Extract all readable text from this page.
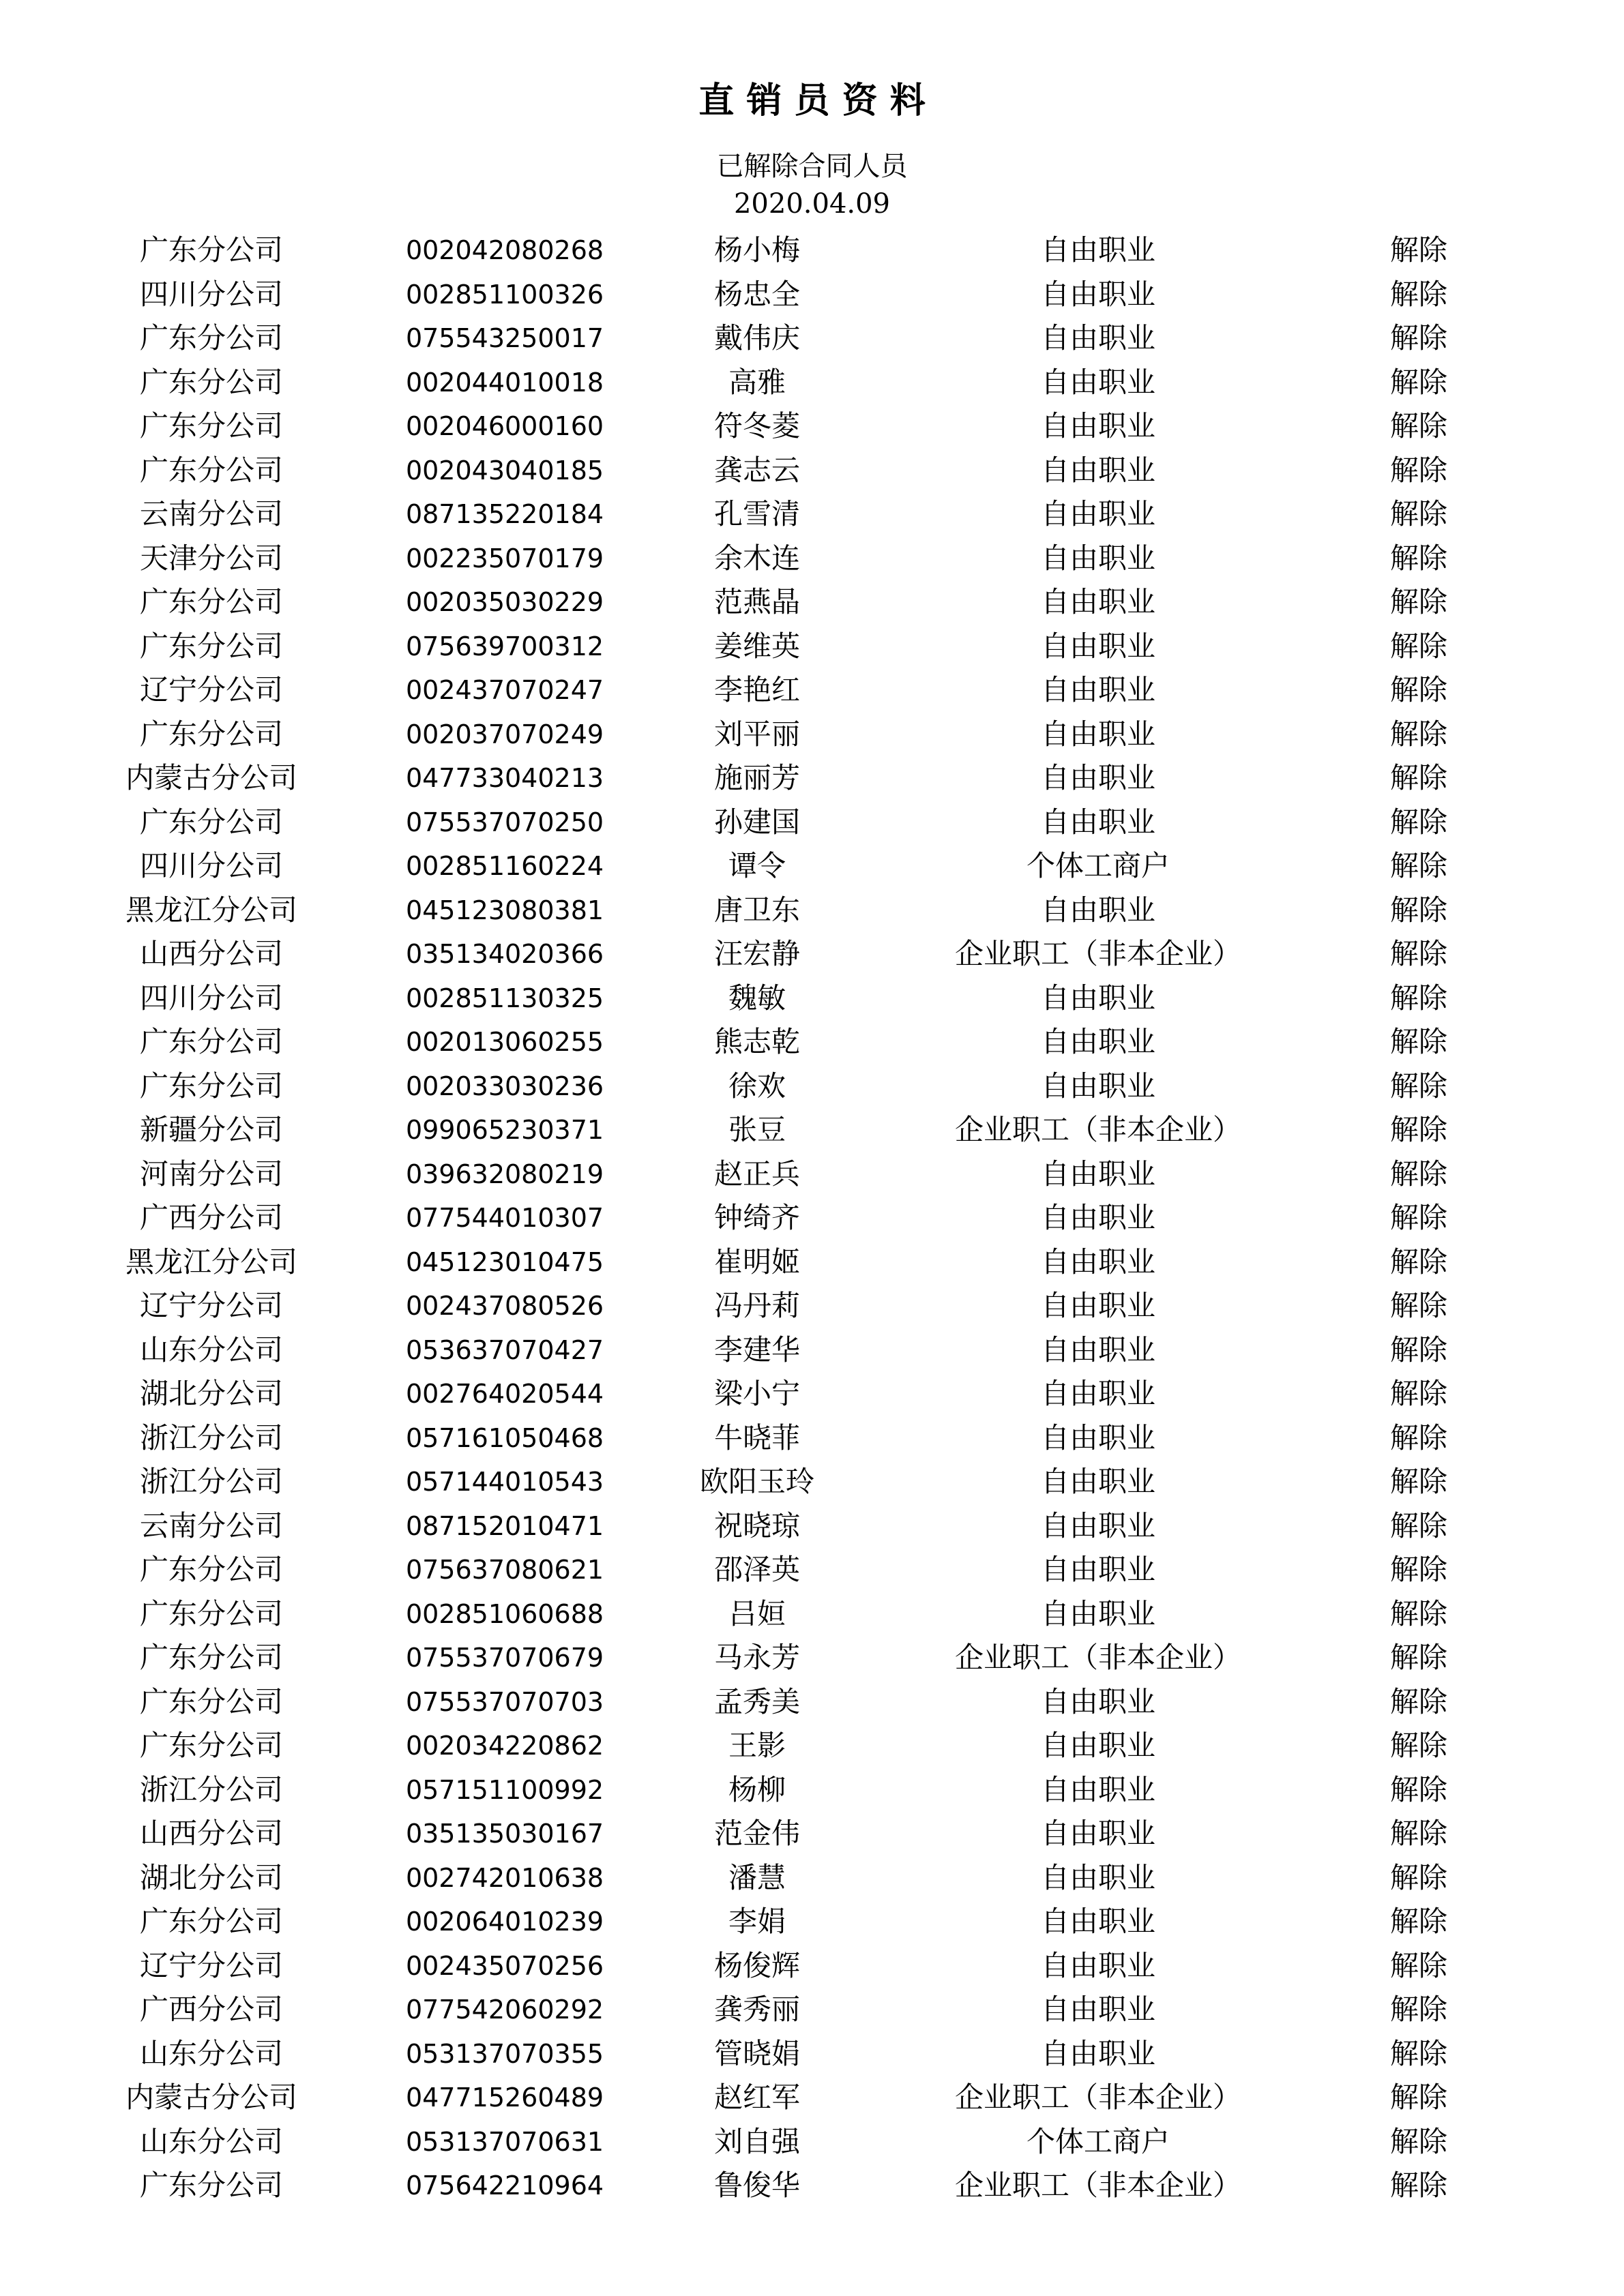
直 销 员 资 料
已解除合同人员
2020.04.09
广东分公司	002042080268	杨小梅	自由职业	解除
四川分公司	002851100326	杨忠全	自由职业	解除
广东分公司	075543250017	戴伟庆	自由职业	解除
广东分公司	002044010018	高雅	自由职业	解除
广东分公司	002046000160	符冬菱	自由职业	解除
广东分公司	002043040185	龚志云	自由职业	解除
云南分公司	087135220184	孔雪清	自由职业	解除
天津分公司	002235070179	余木连	自由职业	解除
广东分公司	002035030229	范燕晶	自由职业	解除
广东分公司	075639700312	姜维英	自由职业	解除
辽宁分公司	002437070247	李艳红	自由职业	解除
广东分公司	002037070249	刘平丽	自由职业	解除
内蒙古分公司	047733040213	施丽芳	自由职业	解除
广东分公司	075537070250	孙建国	自由职业	解除
四川分公司	002851160224	谭令	个体工商户	解除
黑龙江分公司	045123080381	唐卫东	自由职业	解除
山西分公司	035134020366	汪宏静	企业职工（非本企业）	解除
四川分公司	002851130325	魏敏	自由职业	解除
广东分公司	002013060255	熊志乾	自由职业	解除
广东分公司	002033030236	徐欢	自由职业	解除
新疆分公司	099065230371	张豆	企业职工（非本企业）	解除
河南分公司	039632080219	赵正兵	自由职业	解除
广西分公司	077544010307	钟绮齐	自由职业	解除
黑龙江分公司	045123010475	崔明姬	自由职业	解除
辽宁分公司	002437080526	冯丹莉	自由职业	解除
山东分公司	053637070427	李建华	自由职业	解除
湖北分公司	002764020544	梁小宁	自由职业	解除
浙江分公司	057161050468	牛晓菲	自由职业	解除
浙江分公司	057144010543	欧阳玉玲	自由职业	解除
云南分公司	087152010471	祝晓琼	自由职业	解除
广东分公司	075637080621	邵泽英	自由职业	解除
广东分公司	002851060688	吕姮	自由职业	解除
广东分公司	075537070679	马永芳	企业职工（非本企业）	解除
广东分公司	075537070703	孟秀美	自由职业	解除
广东分公司	002034220862	王影	自由职业	解除
浙江分公司	057151100992	杨柳	自由职业	解除
山西分公司	035135030167	范金伟	自由职业	解除
湖北分公司	002742010638	潘慧	自由职业	解除
广东分公司	002064010239	李娟	自由职业	解除
辽宁分公司	002435070256	杨俊辉	自由职业	解除
广西分公司	077542060292	龚秀丽	自由职业	解除
山东分公司	053137070355	管晓娟	自由职业	解除
内蒙古分公司	047715260489	赵红军	企业职工（非本企业）	解除
山东分公司	053137070631	刘自强	个体工商户	解除
广东分公司	075642210964	鲁俊华	企业职工（非本企业）	解除
